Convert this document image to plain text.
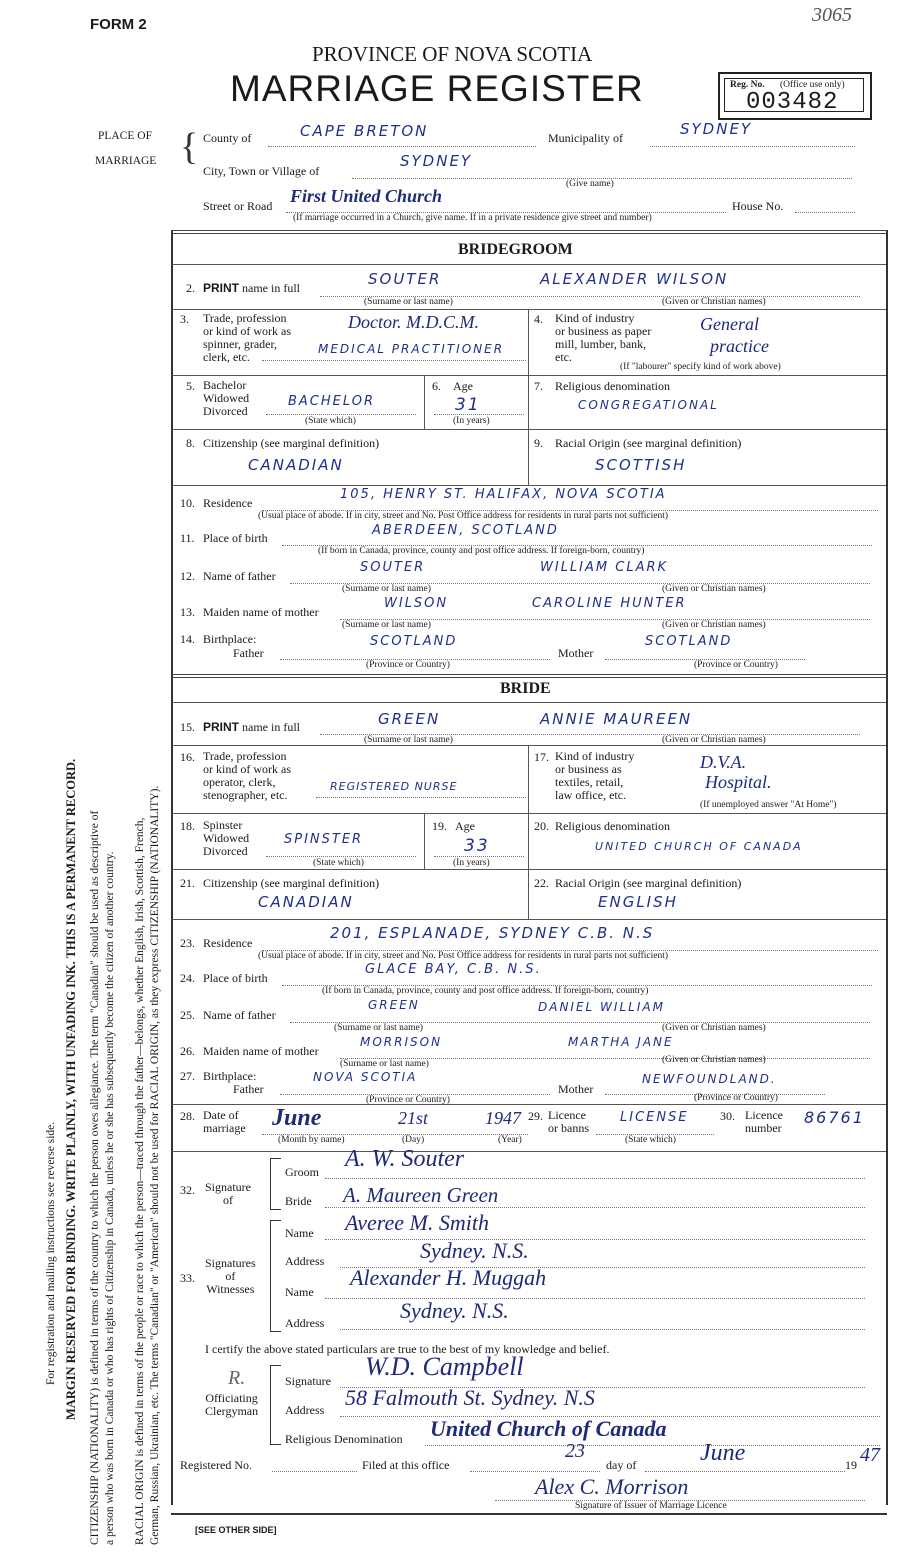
FORM 2	3065
PROVINCE OF NOVA SCOTIA
MARRIAGE REGISTER	Reg. No. (Office use only)
003482
For registration and mailing instructions see reverse side. MARGIN RESERVED FOR BINDING. WRITE PLAINLY, WITH UNFADING INK. THIS IS A PERMANENT RECORD. CITIZENSHIP (NATIONALITY) is defined in terms of the country to which the person owes allegiance. The term "Canadian" should be used as descriptive of a person who was born in Canada or who has rights of Citizenship in Canada, unless he or she has subsequently become the citizen of another country. RACIAL ORIGIN is defined in terms of the people or race to which the person—traced through the father—belongs, whether English, Irish, Scottish, French, German, Russian, Ukrainian, etc. The terms "Canadian" or "American" should not be used for RACIAL ORIGIN, as they express CITIZENSHIP (NATIONALITY).
PLACE OF
MARRIAGE { County of	CAPE BRETON	Municipality of	SYDNEY
City, Town or Village of
SYDNEY
(Give name)
Street or Road First United Church	House No.
(If marriage occurred in a Church, give name. If in a private residence give street and number)
BRIDEGROOM
2. PRINT name in full	SOUTER	ALEXANDER WILSON
(Surname or last name)	(Given or Christian names)
3. Trade, profession
or kind of work as
spinner, grader,
clerk, etc.
Doctor. M.D.C.M.
MEDICAL PRACTITIONER
4. Kind of industry
or business as paper
mill, lumber, bank,
etc.
General
practice
(If "labourer" specify kind of work above)
5. Bachelor
Widowed
Divorced
BACHELOR
(State which)
6. Age
31
(In years)
7. Religious denomination
CONGREGATIONAL
8. Citizenship (see marginal definition)
CANADIAN
9. Racial Origin (see marginal definition)
SCOTTISH
10. Residence
105, HENRY ST. HALIFAX, NOVA SCOTIA
(Usual place of abode. If in city, street and No. Post Office address for residents in rural parts not sufficient)
11. Place of birth	ABERDEEN, SCOTLAND
(If born in Canada, province, county and post office address. If foreign-born, country)
12. Name of father
SOUTER	WILLIAM CLARK
(Surname or last name)	(Given or Christian names)
13. Maiden name of mother
WILSON	CAROLINE HUNTER
(Surname or last name)	(Given or Christian names)
14. Birthplace:
Father
SCOTLAND
(Province or Country)
Mother
SCOTLAND
(Province or Country)
BRIDE
15. PRINT name in full	GREEN	ANNIE MAUREEN
(Surname or last name)	(Given or Christian names)
16. Trade, profession
or kind of work as
operator, clerk,
stenographer, etc.
REGISTERED NURSE
17. Kind of industry
or business as
textiles, retail,
law office, etc.
D.V.A.
Hospital.
(If unemployed answer "At Home")
18. Spinster
Widowed
Divorced
SPINSTER
(State which)
19. Age
33
(In years)
20. Religious denomination
UNITED CHURCH OF CANADA
21. Citizenship (see marginal definition)
CANADIAN
22. Racial Origin (see marginal definition)
ENGLISH
23. Residence
201, ESPLANADE, SYDNEY C.B. N.S
(Usual place of abode. If in city, street and No. Post Office address for residents in rural parts not sufficient)
24. Place of birth
GLACE BAY, C.B. N.S.
(If born in Canada, province, county and post office address. If foreign-born, country)
25. Name of father
GREEN	DANIEL WILLIAM
(Surname or last name)	(Given or Christian names)
26. Maiden name of mother
MORRISON	MARTHA JANE
(Surname or last name)	(Given or Christian names)
27. Birthplace:
Father
NOVA SCOTIA
(Province or Country)
Mother
NEWFOUNDLAND.
(Province or Country)
28. Date of
marriage June	21st	1947
(Month by name)	(Day)	(Year)
29. Licence
or banns
LICENSE
(State which)
30. Licence
number
86761
32. Signature
of
Groom A. W. Souter
Bride A. Maureen Green
33.
Signatures
of
Witnesses
Name Averee M. Smith
Address	Sydney. N.S.
Name
Alexander H. Muggah
Address	Sydney. N.S.
I certify the above stated particulars are true to the best of my knowledge and belief.
R.
Officiating
Clergyman
Signature W.D. Campbell
Address 58 Falmouth St. Sydney. N.S
Religious Denomination United Church of Canada
Registered No.	Filed at this office
23
day of	June	19 47
Alex C. Morrison
Signature of Issuer of Marriage Licence
[SEE OTHER SIDE]
